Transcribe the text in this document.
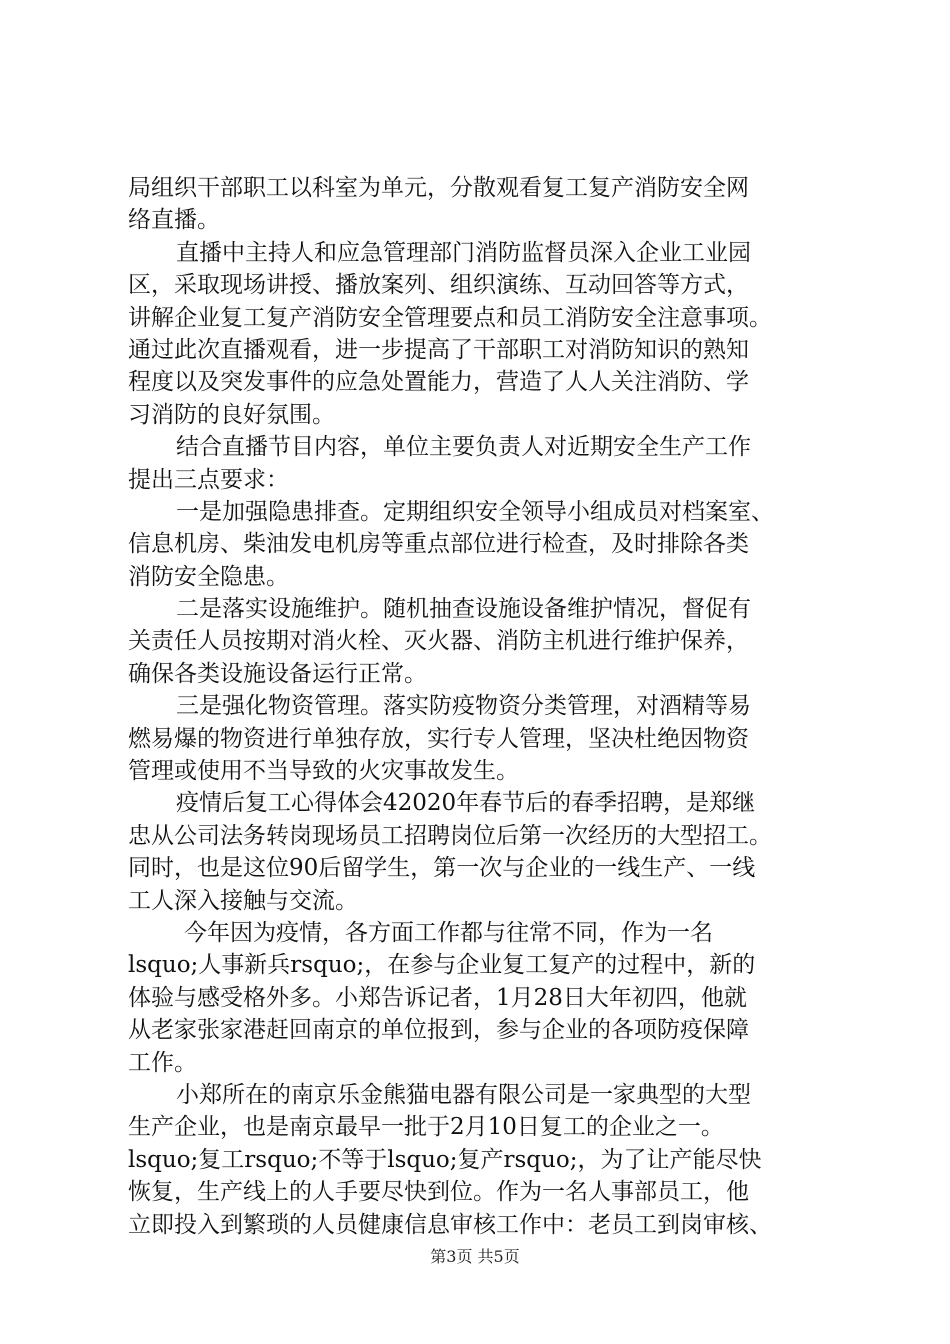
局组织干部职工以科室为单元，分散观看复工复产消防安全网
络直播。
直播中主持人和应急管理部门消防监督员深入企业工业园
区，采取现场讲授、播放案列、组织演练、互动回答等方式，
讲解企业复工复产消防安全管理要点和员工消防安全注意事项。
通过此次直播观看，进一步提高了干部职工对消防知识的熟知
程度以及突发事件的应急处置能力，营造了人人关注消防、学
习消防的良好氛围。
结合直播节目内容，单位主要负责人对近期安全生产工作
提出三点要求：
一是加强隐患排查。定期组织安全领导小组成员对档案室、
信息机房、柴油发电机房等重点部位进行检查，及时排除各类
消防安全隐患。
二是落实设施维护。随机抽查设施设备维护情况，督促有
关责任人员按期对消火栓、灭火器、消防主机进行维护保养，
确保各类设施设备运行正常。
三是强化物资管理。落实防疫物资分类管理，对酒精等易
燃易爆的物资进行单独存放，实行专人管理，坚决杜绝因物资
管理或使用不当导致的火灾事故发生。
疫情后复工心得体会42020年春节后的春季招聘，是郑继
忠从公司法务转岗现场员工招聘岗位后第一次经历的大型招工。
同时，也是这位90后留学生，第一次与企业的一线生产、一线
工人深入接触与交流。
今年因为疫情，各方面工作都与往常不同，作为一名
lsquo;人事新兵rsquo;，在参与企业复工复产的过程中，新的
体验与感受格外多。小郑告诉记者，1月28日大年初四，他就
从老家张家港赶回南京的单位报到，参与企业的各项防疫保障
工作。
小郑所在的南京乐金熊猫电器有限公司是一家典型的大型
生产企业，也是南京最早一批于2月10日复工的企业之一。
lsquo;复工rsquo;不等于lsquo;复产rsquo;，为了让产能尽快
恢复，生产线上的人手要尽快到位。作为一名人事部员工，他
立即投入到繁琐的人员健康信息审核工作中：老员工到岗审核、
第3页 共5页
